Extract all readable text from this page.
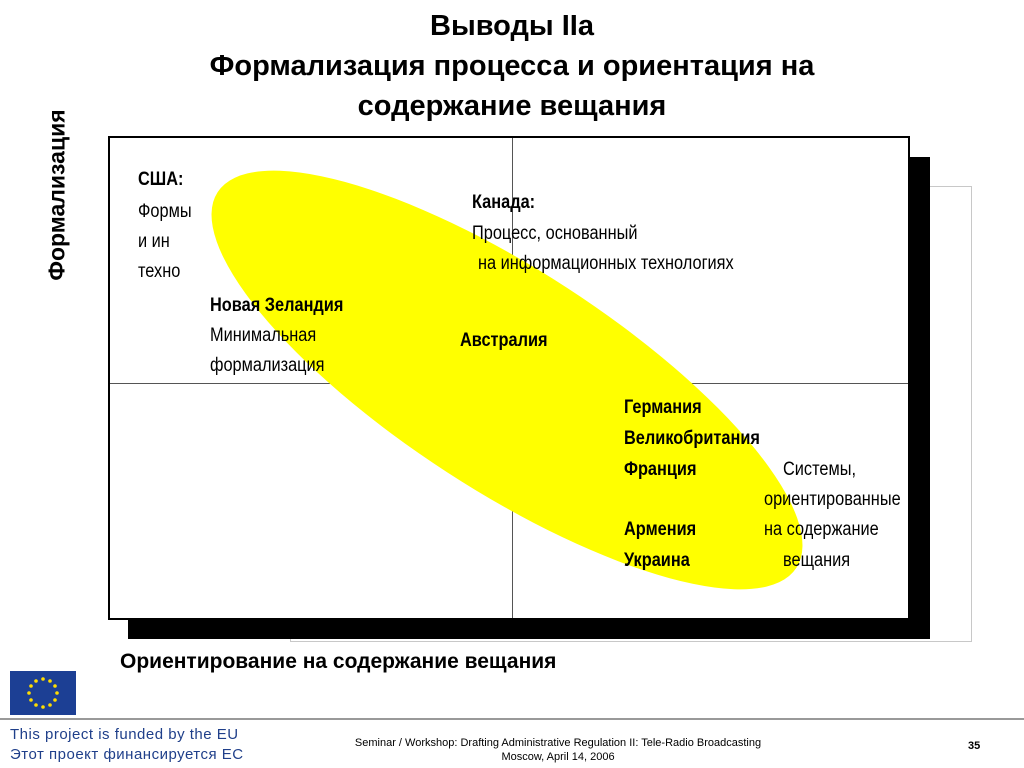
Выводы IIa
Формализация процесса и ориентация на
содержание вещания
Формализация	США:
Формы
и ин
техно
Канада:
Процесс, основанный
на информационных технологиях
Новая Зеландия
Минимальная
формализация
Австралия
Германия
Великобритания
Франция
Армения
Украина
Системы,
ориентированные
на содержание
вещания
Ориентирование на содержание вещания
This project is funded by the EU
Этот проект финансируется ЕС
Seminar / Workshop: Drafting Administrative Regulation II: Tele-Radio Broadcasting
Moscow, April 14, 2006
35
